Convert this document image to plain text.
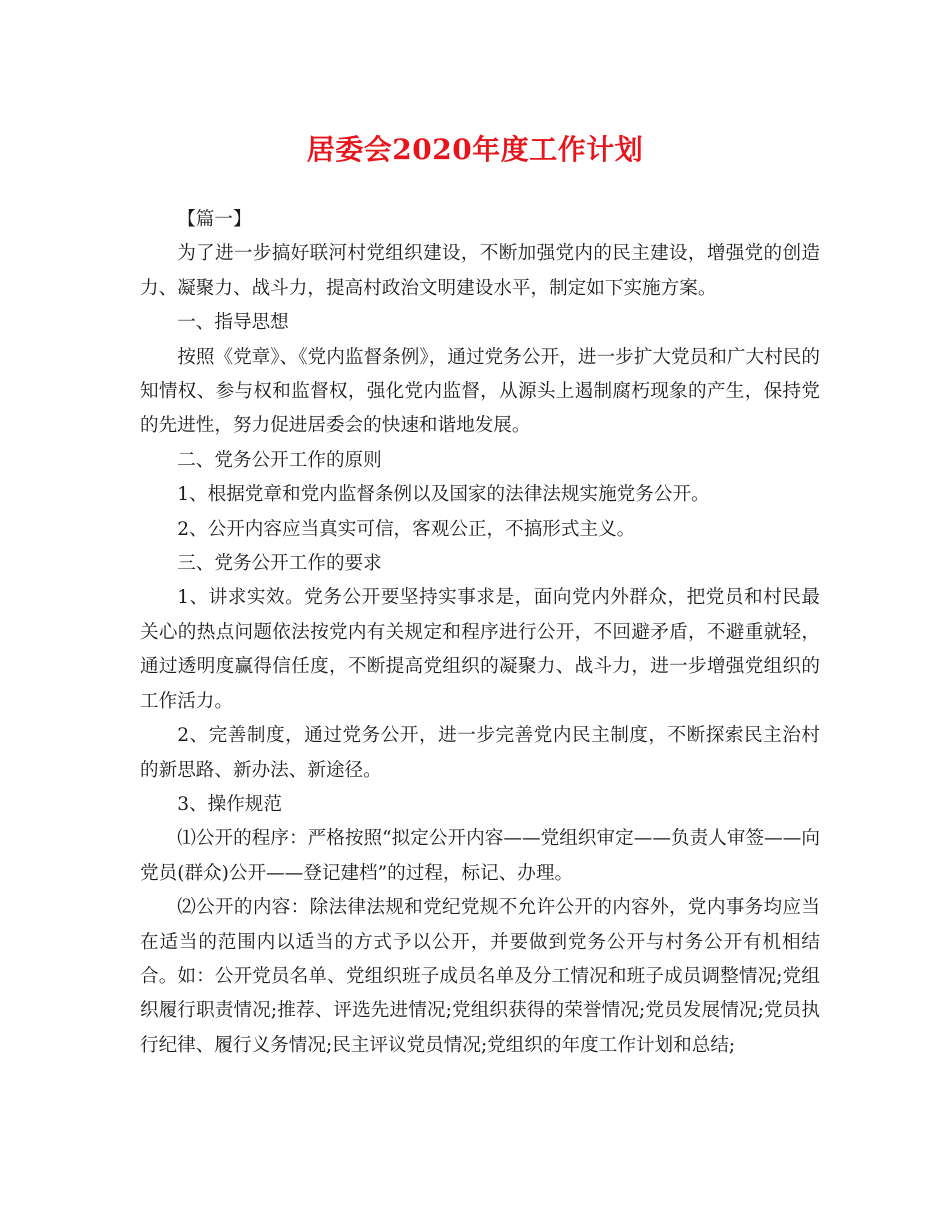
居委会2020年度工作计划

【篇一】

为了进一步搞好联河村党组织建设，不断加强党内的民主建设，增强党的创造力、凝聚力、战斗力，提高村政治文明建设水平，制定如下实施方案。

一、指导思想

按照《党章》、《党内监督条例》，通过党务公开，进一步扩大党员和广大村民的知情权、参与权和监督权，强化党内监督，从源头上遏制腐朽现象的产生，保持党的先进性，努力促进居委会的快速和谐地发展。

二、党务公开工作的原则

1、根据党章和党内监督条例以及国家的法律法规实施党务公开。

2、公开内容应当真实可信，客观公正，不搞形式主义。

三、党务公开工作的要求

1、讲求实效。党务公开要坚持实事求是，面向党内外群众，把党员和村民最关心的热点问题依法按党内有关规定和程序进行公开，不回避矛盾，不避重就轻，通过透明度赢得信任度，不断提高党组织的凝聚力、战斗力，进一步增强党组织的工作活力。

2、完善制度，通过党务公开，进一步完善党内民主制度，不断探索民主治村的新思路、新办法、新途径。

3、操作规范

⑴公开的程序：严格按照“拟定公开内容——党组织审定——负责人审签——向党员(群众)公开——登记建档”的过程，标记、办理。

⑵公开的内容：除法律法规和党纪党规不允许公开的内容外，党内事务均应当在适当的范围内以适当的方式予以公开，并要做到党务公开与村务公开有机相结合。如：公开党员名单、党组织班子成员名单及分工情况和班子成员调整情况;党组织履行职责情况;推荐、评选先进情况;党组织获得的荣誉情况;党员发展情况;党员执行纪律、履行义务情况;民主评议党员情况;党组织的年度工作计划和总结;
